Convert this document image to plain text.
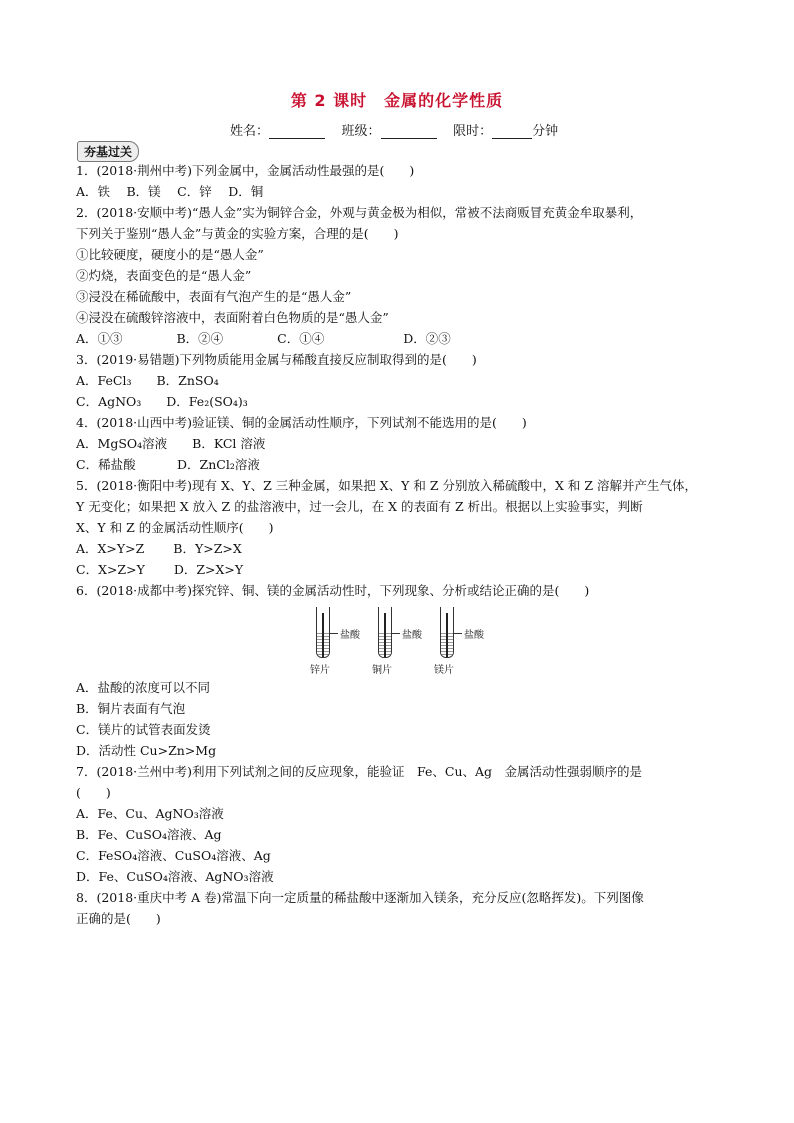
第 2 课时　金属的化学性质
姓名：	班级：	限时：	分钟
夯基过关
1．(2018·荆州中考)下列金属中，金属活动性最强的是(　　)
A．铁　 B．镁　 C．锌　 D．铜
2．(2018·安顺中考)“愚人金”实为铜锌合金，外观与黄金极为相似，常被不法商贩冒充黄金牟取暴利，
下列关于鉴别“愚人金”与黄金的实验方案，合理的是(　　)
①比较硬度，硬度小的是“愚人金”
②灼烧，表面变色的是“愚人金”
③浸没在稀硫酸中，表面有气泡产生的是“愚人金”
④浸没在硫酸锌溶液中，表面附着白色物质的是“愚人金”
A．①③　　　　 B．②④　　　　 C．①④　　　　　　 D．②③
3．(2019·易错题)下列物质能用金属与稀酸直接反应制取得到的是(　　)
A．FeCl₃　　B．ZnSO₄
C．AgNO₃　　D．Fe₂(SO₄)₃
4．(2018·山西中考)验证镁、铜的金属活动性顺序，下列试剂不能选用的是(　　)
A．MgSO₄溶液　　B．KCl 溶液
C．稀盐酸　　　 D．ZnCl₂溶液
5．(2018·衡阳中考)现有 X、Y、Z 三种金属，如果把 X、Y 和 Z 分别放入稀硫酸中，X 和 Z 溶解并产生气体，
Y 无变化；如果把 X 放入 Z 的盐溶液中，过一会儿，在 X 的表面有 Z 析出。根据以上实验事实，判断
X、Y 和 Z 的金属活动性顺序(　　)
A．X>Y>Z　　 B．Y>Z>X
C．X>Z>Y　　 D．Z>X>Y
6．(2018·成都中考)探究锌、铜、镁的金属活动性时，下列现象、分析或结论正确的是(　　)
盐酸
锌片
盐酸
铜片
盐酸
镁片
A．盐酸的浓度可以不同
B．铜片表面有气泡
C．镁片的试管表面发烫
D．活动性 Cu>Zn>Mg
7．(2018·兰州中考)利用下列试剂之间的反应现象，能验证　Fe、Cu、Ag　金属活动性强弱顺序的是
(　　)
A．Fe、Cu、AgNO₃溶液
B．Fe、CuSO₄溶液、Ag
C．FeSO₄溶液、CuSO₄溶液、Ag
D．Fe、CuSO₄溶液、AgNO₃溶液
8．(2018·重庆中考 A 卷)常温下向一定质量的稀盐酸中逐渐加入镁条，充分反应(忽略挥发)。下列图像
正确的是(　　)
